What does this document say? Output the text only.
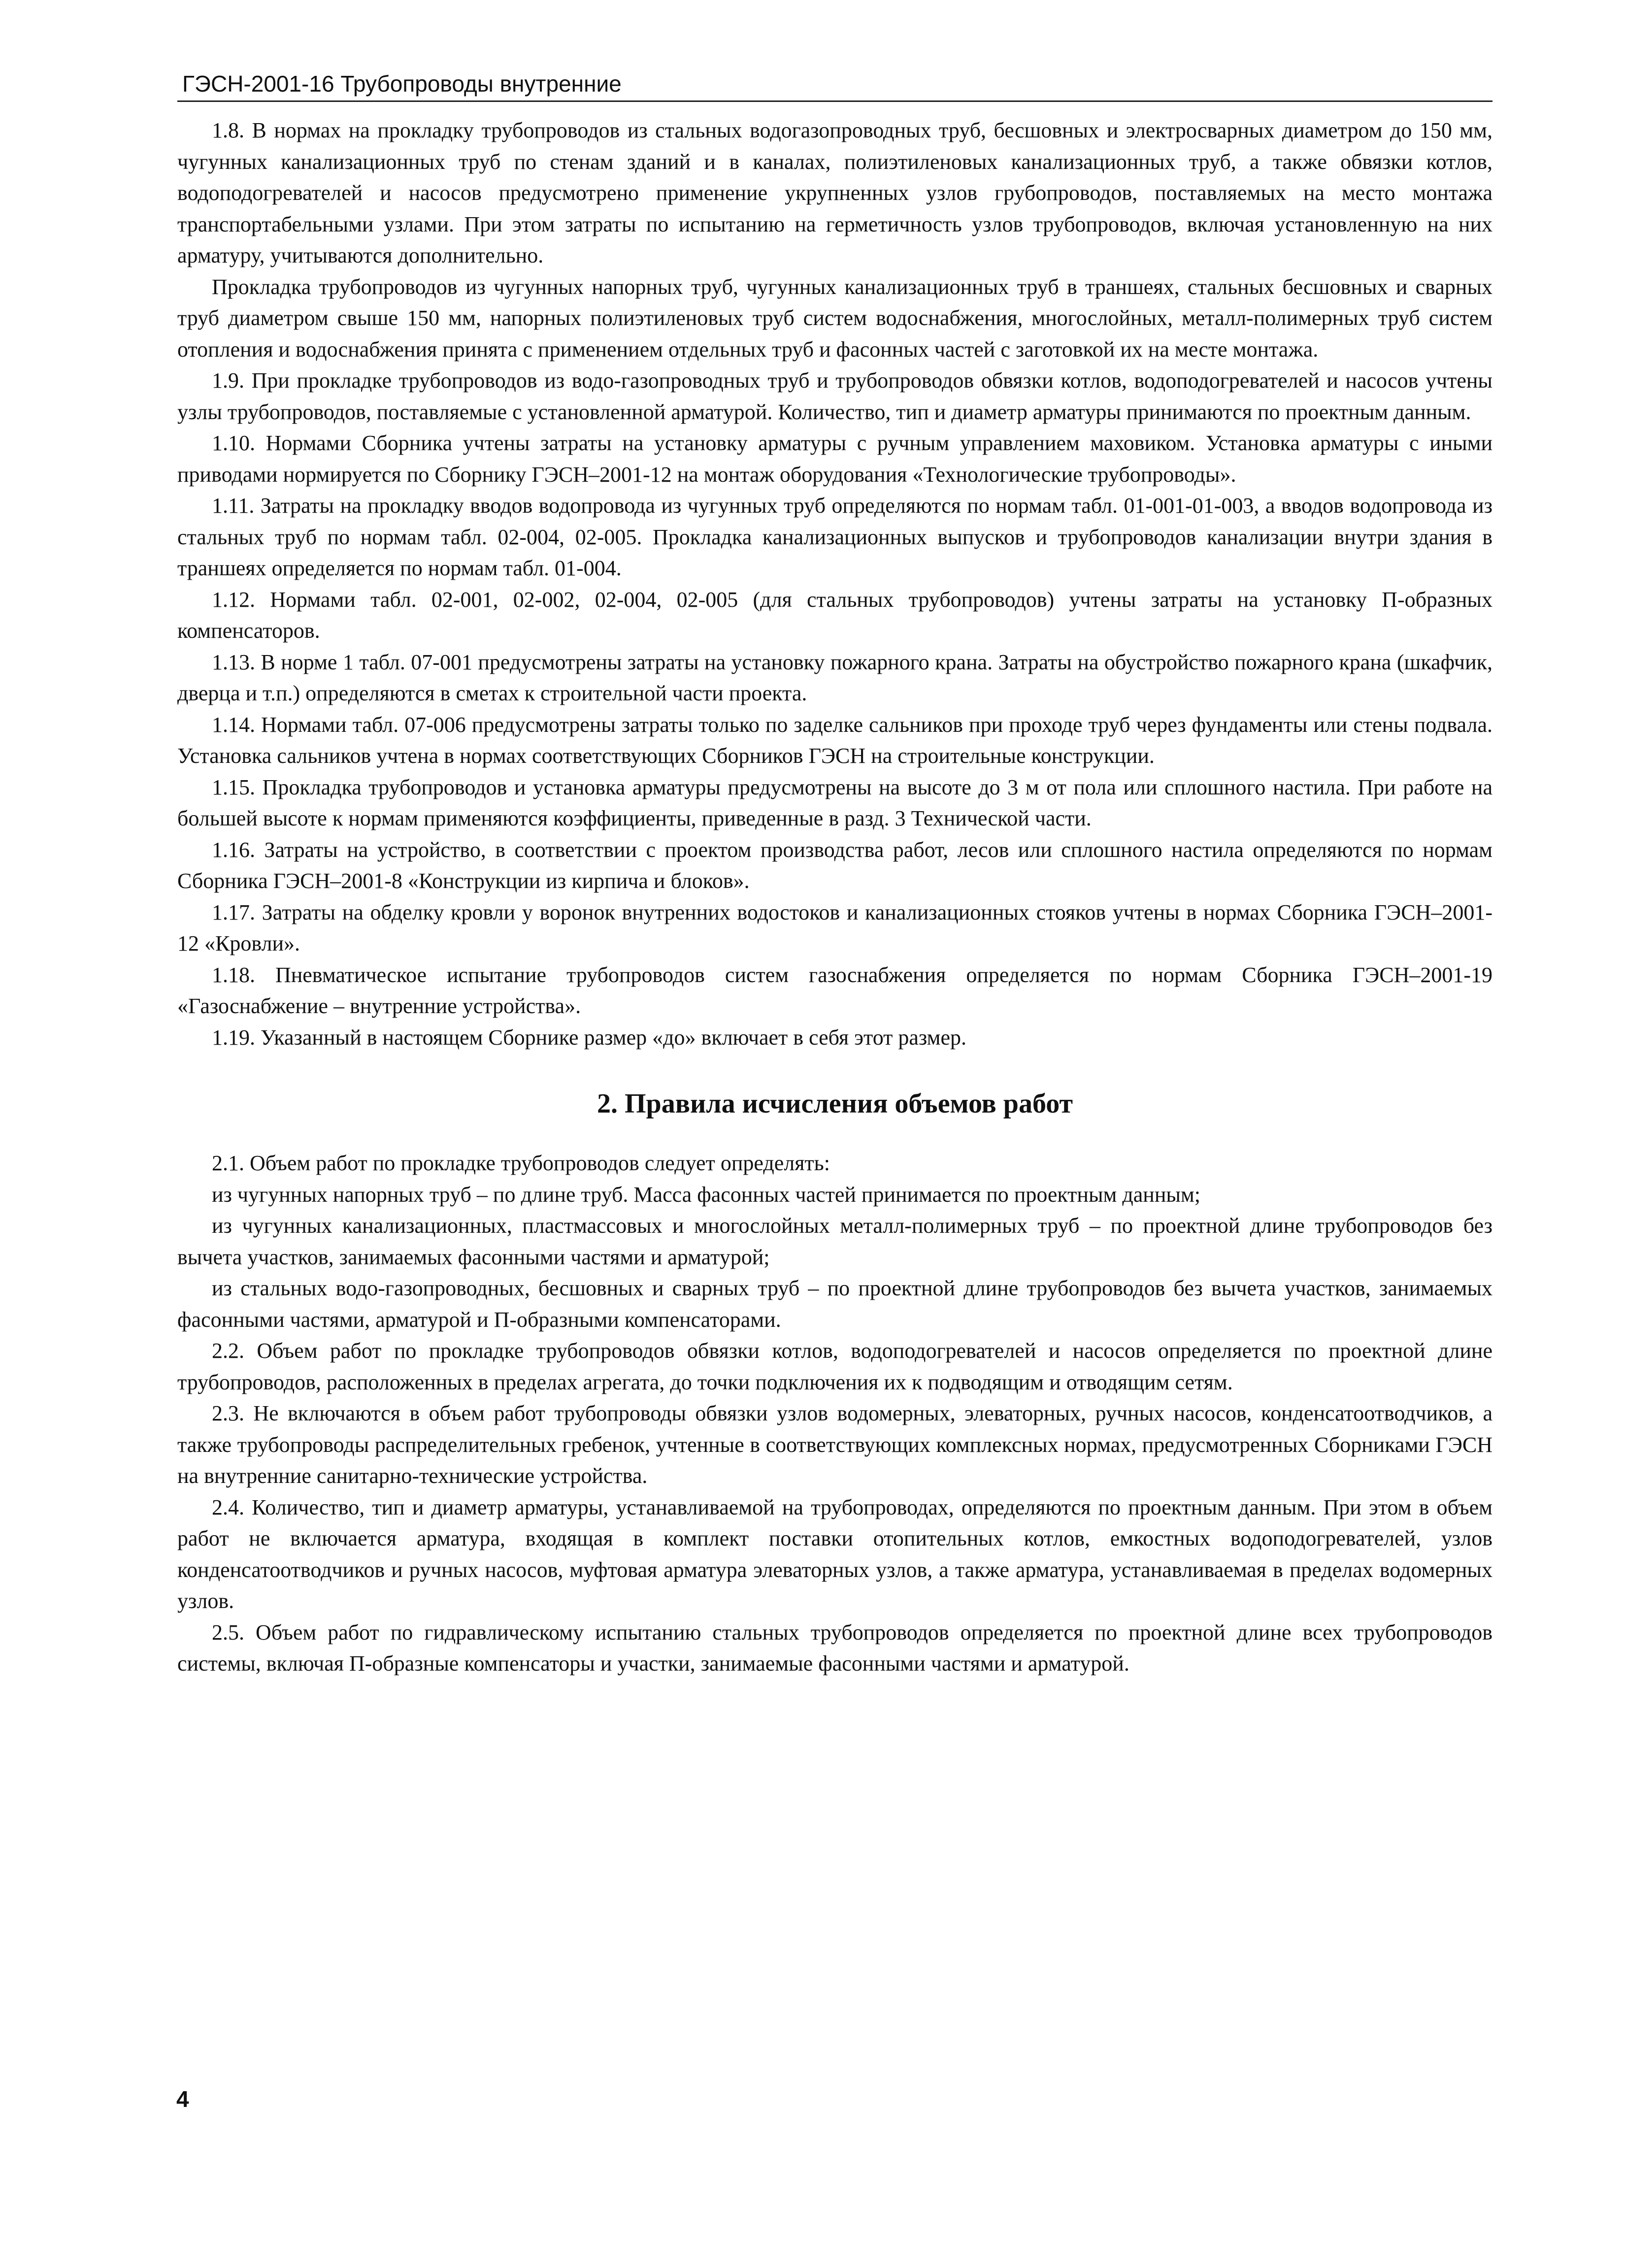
ГЭСН-2001-16 Трубопроводы внутренние

1.8. В нормах на прокладку трубопроводов из стальных водогазопроводных труб, бесшовных и электросварных диаметром до 150 мм, чугунных канализационных труб по стенам зданий и в каналах, полиэтиленовых канализационных труб, а также обвязки котлов, водоподогревателей и насосов предусмотрено применение укрупненных узлов грубопроводов, поставляемых на место монтажа транспортабельными узлами. При этом затраты по испытанию на герметичность узлов трубопроводов, включая установленную на них арматуру, учитываются дополнительно.

Прокладка трубопроводов из чугунных напорных труб, чугунных канализационных труб в траншеях, стальных бесшовных и сварных труб диаметром свыше 150 мм, напорных полиэтиленовых труб систем водоснабжения, многослойных, металл-полимерных труб систем отопления и водоснабжения принята с применением отдельных труб и фасонных частей с заготовкой их на месте монтажа.

1.9. При прокладке трубопроводов из водо-газопроводных труб и трубопроводов обвязки котлов, водоподогревателей и насосов учтены узлы трубопроводов, поставляемые с установленной арматурой. Количество, тип и диаметр арматуры принимаются по проектным данным.

1.10. Нормами Сборника учтены затраты на установку арматуры с ручным управлением маховиком. Установка арматуры с иными приводами нормируется по Сборнику ГЭСН–2001-12 на монтаж оборудования «Технологические трубопроводы».

1.11. Затраты на прокладку вводов водопровода из чугунных труб определяются по нормам табл. 01-001-01-003, а вводов водопровода из стальных труб по нормам табл. 02-004, 02-005. Прокладка канализационных выпусков и трубопроводов канализации внутри здания в траншеях определяется по нормам табл. 01-004.

1.12. Нормами табл. 02-001, 02-002, 02-004, 02-005 (для стальных трубопроводов) учтены затраты на установку П-образных компенсаторов.

1.13. В норме 1 табл. 07-001 предусмотрены затраты на установку пожарного крана. Затраты на обустройство пожарного крана (шкафчик, дверца и т.п.) определяются в сметах к строительной части проекта.

1.14. Нормами табл. 07-006 предусмотрены затраты только по заделке сальников при проходе труб через фундаменты или стены подвала. Установка сальников учтена в нормах соответствующих Сборников ГЭСН на строительные конструкции.

1.15. Прокладка трубопроводов и установка арматуры предусмотрены на высоте до 3 м от пола или сплошного настила. При работе на большей высоте к нормам применяются коэффициенты, приведенные в разд. 3 Технической части.

1.16. Затраты на устройство, в соответствии с проектом производства работ, лесов или сплошного настила определяются по нормам Сборника ГЭСН–2001-8 «Конструкции из кирпича и блоков».

1.17. Затраты на обделку кровли у воронок внутренних водостоков и канализационных стояков учтены в нормах Сборника ГЭСН–2001-12 «Кровли».

1.18. Пневматическое испытание трубопроводов систем газоснабжения определяется по нормам Сборника ГЭСН–2001-19 «Газоснабжение – внутренние устройства».

1.19. Указанный в настоящем Сборнике размер «до» включает в себя этот размер.

2. Правила исчисления объемов работ

2.1. Объем работ по прокладке трубопроводов следует определять:

из чугунных напорных труб – по длине труб. Масса фасонных частей принимается по проектным данным;

из чугунных канализационных, пластмассовых и многослойных металл-полимерных труб – по проектной длине трубопроводов без вычета участков, занимаемых фасонными частями и арматурой;

из стальных водо-газопроводных, бесшовных и сварных труб – по проектной длине трубопроводов без вычета участков, занимаемых фасонными частями, арматурой и П-образными компенсаторами.

2.2. Объем работ по прокладке трубопроводов обвязки котлов, водоподогревателей и насосов определяется по проектной длине трубопроводов, расположенных в пределах агрегата, до точки подключения их к подводящим и отводящим сетям.

2.3. Не включаются в объем работ трубопроводы обвязки узлов водомерных, элеваторных, ручных насосов, конденсатоотводчиков, а также трубопроводы распределительных гребенок, учтенные в соответствующих комплексных нормах, предусмотренных Сборниками ГЭСН на внутренние санитарно-технические устройства.

2.4. Количество, тип и диаметр арматуры, устанавливаемой на трубопроводах, определяются по проектным данным. При этом в объем работ не включается арматура, входящая в комплект поставки отопительных котлов, емкостных водоподогревателей, узлов конденсатоотводчиков и ручных насосов, муфтовая арматура элеваторных узлов, а также арматура, устанавливаемая в пределах водомерных узлов.

2.5. Объем работ по гидравлическому испытанию стальных трубопроводов определяется по проектной длине всех трубопроводов системы, включая П-образные компенсаторы и участки, занимаемые фасонными частями и арматурой.

4
